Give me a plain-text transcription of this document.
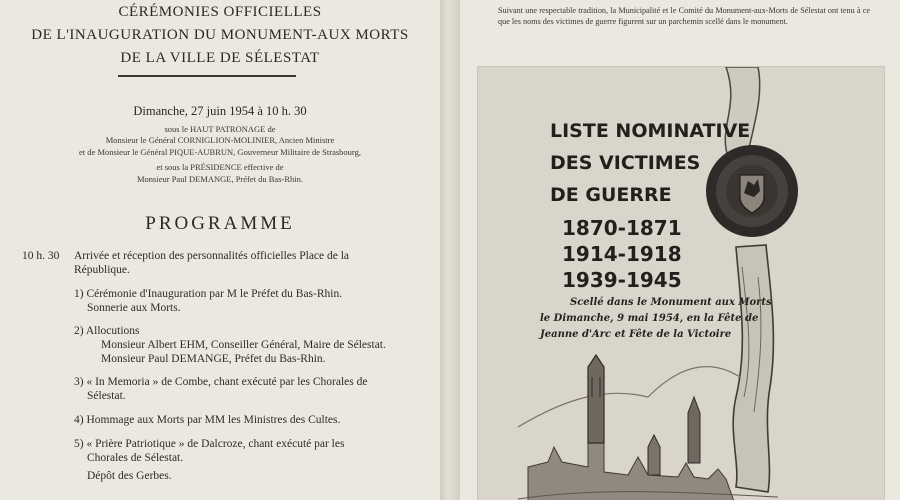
CÉRÉMONIES OFFICIELLES
DE L'INAUGURATION DU MONUMENT-AUX MORTS
DE LA VILLE DE SÉLESTAT
Dimanche, 27 juin 1954 à 10 h. 30
sous le HAUT PATRONAGE de
Monsieur le Général CORNIGLION-MOLINIER, Ancien Ministre
et de Monsieur le Général PIQUE-AUBRUN, Gouverneur Militaire de Strasbourg,
et sous la PRÉSIDENCE effective de
Monsieur Paul DEMANGE, Préfet du Bas-Rhin.
PROGRAMME
10 h. 30 Arrivée et réception des personnalités officielles Place de la
République.
1) Cérémonie d'Inauguration par M le Préfet du Bas-Rhin.
Sonnerie aux Morts.
2) Allocutions
Monsieur Albert EHM, Conseiller Général, Maire de Sélestat.
Monsieur Paul DEMANGE, Préfet du Bas-Rhin.
3) « In Memoria » de Combe, chant exécuté par les Chorales de
Sélestat.
4) Hommage aux Morts par MM les Ministres des Cultes.
5) « Prière Patriotique » de Dalcroze, chant exécuté par les
Chorales de Sélestat.
Dépôt des Gerbes.
Suivant une respectable tradition, la Municipalité et le Comité du Monument-aux-Morts de Sélestat ont tenu à ce que les noms des victimes de guerre figurent sur un parchemin scellé dans le monument.
LISTE NOMINATIVE
DES VICTIMES
DE GUERRE
1870-1871
1914-1918
1939-1945
Scellé dans le Monument aux Morts
le Dimanche, 9 mai 1954, en la Fête de
Jeanne d'Arc et Fête de la Victoire
